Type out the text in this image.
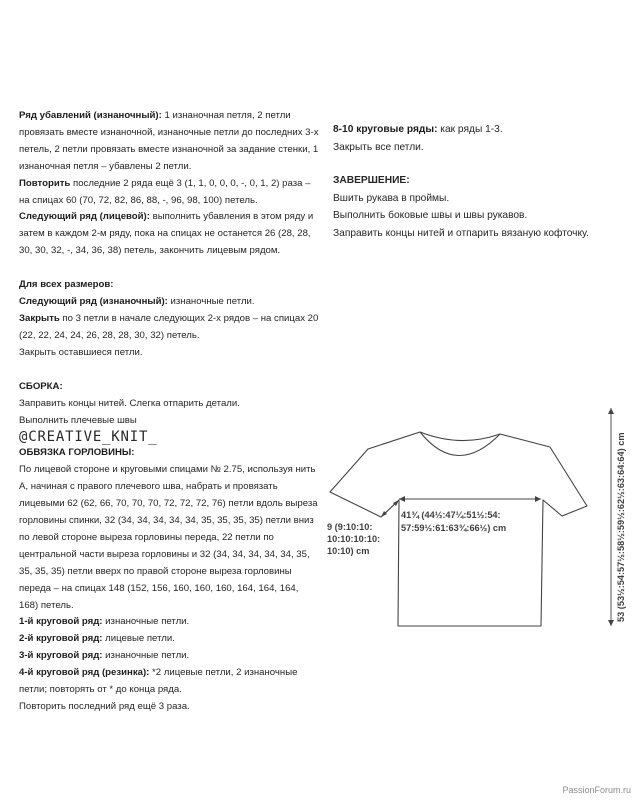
Ряд убавлений (изнаночный): 1 изнаночная петля, 2 петли провязать вместе изнаночной, изнаночные петли до последних 3-х петель, 2 петли провязать вместе изнаночной за задание стенки, 1 изнаночная петля – убавлены 2 петли.

Повторить последние 2 ряда ещё 3 (1, 1, 0, 0, 0, -, 0, 1, 2) раза – на спицах 60 (70, 72, 82, 86, 88, -, 96, 98, 100) петель.

Следующий ряд (лицевой): выполнить убавления в этом ряду и затем в каждом 2-м ряду, пока на спицах не останется 26 (28, 28, 30, 30, 32, -, 34, 36, 38) петель, закончить лицевым рядом.

Для всех размеров:

Следующий ряд (изнаночный): изнаночные петли.

Закрыть по 3 петли в начале следующих 2-х рядов – на спицах 20 (22, 22, 24, 24, 26, 28, 28, 30, 32) петель.

Закрыть оставшиеся петли.

СБОРКА:

Заправить концы нитей. Слегка отпарить детали.

Выполнить плечевые швы

@CREATIVE_KNIT_

ОБВЯЗКА ГОРЛОВИНЫ:

По лицевой стороне и круговыми спицами № 2.75, используя нить А, начиная с правого плечевого шва, набрать и провязать лицевыми 62 (62, 66, 70, 70, 70, 72, 72, 72, 76) петли вдоль выреза горловины спинки, 32 (34, 34, 34, 34, 34, 35, 35, 35, 35) петли вниз по левой стороне выреза горловины переда, 22 петли по центральной части выреза горловины и 32 (34, 34, 34, 34, 34, 35, 35, 35, 35) петли вверх по правой стороне выреза горловины переда – на спицах 148 (152, 156, 160, 160, 160, 164, 164, 164, 168) петель.

1-й круговой ряд: изнаночные петли.

2-й круговой ряд: лицевые петли.

3-й круговой ряд: изнаночные петли.

4-й круговой ряд (резинка): *2 лицевые петли, 2 изнаночные петли; повторять от * до конца ряда.

Повторить последний ряд ещё 3 раза.

8-10 круговые ряды: как ряды 1-3.

Закрыть все петли.

ЗАВЕРШЕНИЕ:

Вшить рукава в проймы.

Выполнить боковые швы и швы рукавов.

Заправить концы нитей и отпарить вязаную кофточку.

9 (9:10:10:
10:10:10:10:
10:10) cm
41¾ (44½:47¼:51½:54:
57:59½:61:63¾:66½) cm	53 (53½:54:57½:58½:59½:62½:63:64:64) cm
PassionForum.ru
